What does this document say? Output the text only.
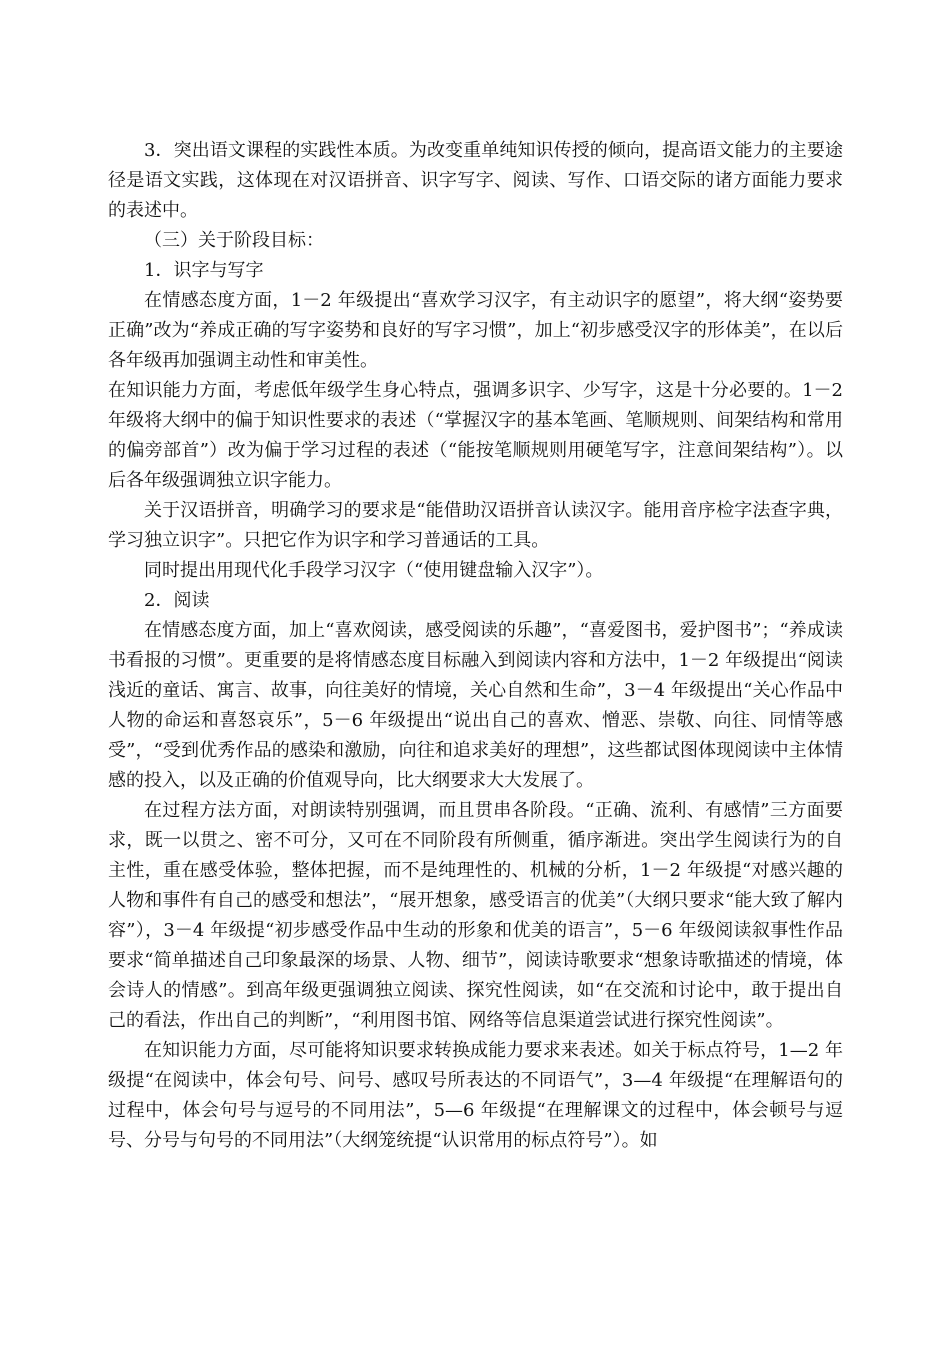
3．突出语文课程的实践性本质。为改变重单纯知识传授的倾向，提高语文能力的主要途径是语文实践，这体现在对汉语拼音、识字写字、阅读、写作、口语交际的诸方面能力要求的表述中。

（三）关于阶段目标：

1．识字与写字

在情感态度方面，1－2 年级提出“喜欢学习汉字，有主动识字的愿望”，将大纲“姿势要正确”改为“养成正确的写字姿势和良好的写字习惯”，加上“初步感受汉字的形体美”，在以后各年级再加强调主动性和审美性。

在知识能力方面，考虑低年级学生身心特点，强调多识字、少写字，这是十分必要的。1－2 年级将大纲中的偏于知识性要求的表述（“掌握汉字的基本笔画、笔顺规则、间架结构和常用的偏旁部首”）改为偏于学习过程的表述（“能按笔顺规则用硬笔写字，注意间架结构”）。以后各年级强调独立识字能力。

关于汉语拼音，明确学习的要求是“能借助汉语拼音认读汉字。能用音序检字法查字典，学习独立识字”。只把它作为识字和学习普通话的工具。

同时提出用现代化手段学习汉字（“使用键盘输入汉字”）。

2．阅读

在情感态度方面，加上“喜欢阅读，感受阅读的乐趣”，“喜爱图书，爱护图书”；“养成读书看报的习惯”。更重要的是将情感态度目标融入到阅读内容和方法中，1－2 年级提出“阅读浅近的童话、寓言、故事，向往美好的情境，关心自然和生命”，3－4 年级提出“关心作品中人物的命运和喜怒哀乐”，5－6 年级提出“说出自己的喜欢、憎恶、崇敬、向往、同情等感受”，“受到优秀作品的感染和激励，向往和追求美好的理想”，这些都试图体现阅读中主体情感的投入，以及正确的价值观导向，比大纲要求大大发展了。

在过程方法方面，对朗读特别强调，而且贯串各阶段。“正确、流利、有感情”三方面要求，既一以贯之、密不可分，又可在不同阶段有所侧重，循序渐进。突出学生阅读行为的自主性，重在感受体验，整体把握，而不是纯理性的、机械的分析，1－2 年级提“对感兴趣的人物和事件有自己的感受和想法”，“展开想象，感受语言的优美”（大纲只要求“能大致了解内容”），3－4 年级提“初步感受作品中生动的形象和优美的语言”，5－6 年级阅读叙事性作品要求“简单描述自己印象最深的场景、人物、细节”，阅读诗歌要求“想象诗歌描述的情境，体会诗人的情感”。到高年级更强调独立阅读、探究性阅读，如“在交流和讨论中，敢于提出自己的看法，作出自己的判断”，“利用图书馆、网络等信息渠道尝试进行探究性阅读”。

在知识能力方面，尽可能将知识要求转换成能力要求来表述。如关于标点符号，1—2 年级提“在阅读中，体会句号、问号、感叹号所表达的不同语气”，3—4 年级提“在理解语句的过程中，体会句号与逗号的不同用法”，5—6 年级提“在理解课文的过程中，体会顿号与逗号、分号与句号的不同用法”（大纲笼统提“认识常用的标点符号”）。如
